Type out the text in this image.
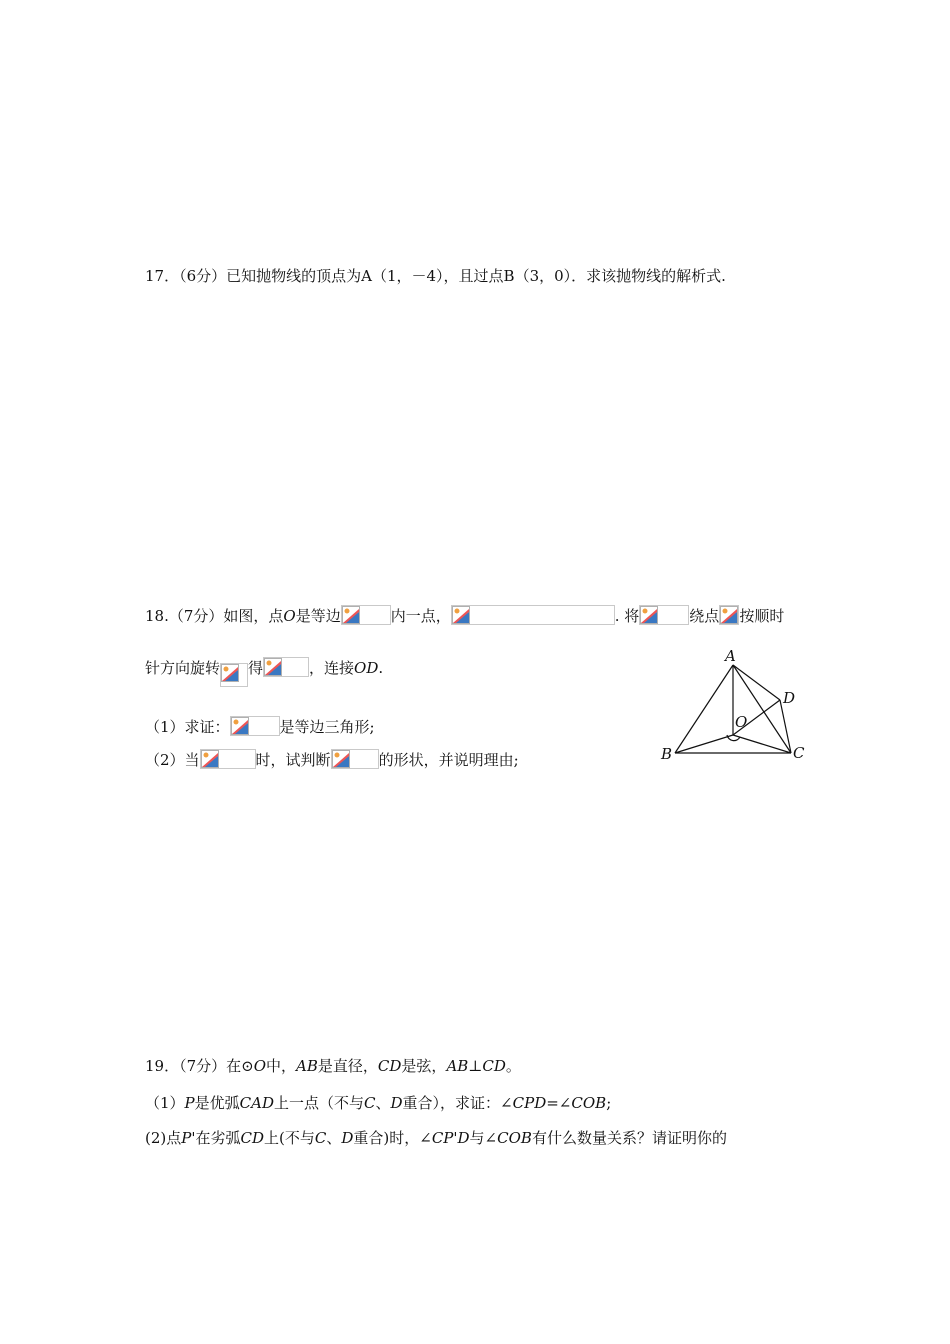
17．（6分）已知抛物线的顶点为A（1，－4），且过点B（3，0）．求该抛物线的解析式.
18.（7分）如图，点O是等边	内一点，	. 将	绕点 按顺时
针方向旋转 得	，连接OD.
（1）求证：	是等边三角形;
（2）当	时，试判断	的形状，并说明理由;
A
B	C
D
O
19．（7分）在⊙O中，AB是直径，CD是弦，AB⊥CD。
（1）P是优弧CAD上一点（不与C、D重合），求证：∠CPD=∠COB;
(2)点P'在劣弧CD上(不与C、D重合)时，∠CP'D与∠COB有什么数量关系？请证明你的
